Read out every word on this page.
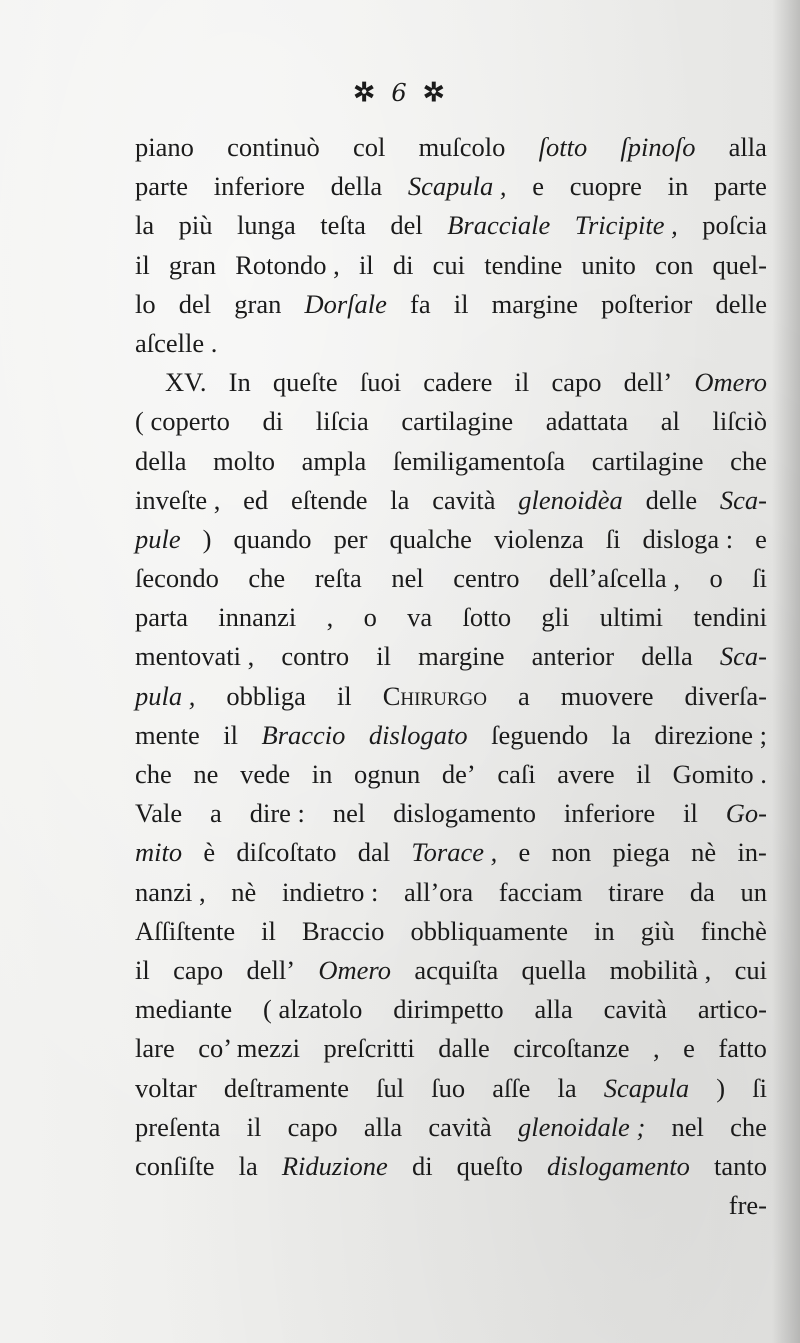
✲ 6 ✲
piano continuò col muſcolo ſotto ſpinoſo alla
parte inferiore della Scapula , e cuopre in parte
la più lunga teſta del Bracciale Tricipite , poſcia
il gran Rotondo , il di cui tendine unito con quel-
lo del gran Dorſale fa il margine poſterior delle
aſcelle .
XV. In queſte ſuoi cadere il capo dell’ Omero
( coperto di liſcia cartilagine adattata al liſciò
della molto ampla ſemiligamentoſa cartilagine che
inveſte , ed eſtende la cavità glenoidèa delle Sca-
pule ) quando per qualche violenza ſi disloga : e
ſecondo che reſta nel centro dell’aſcella , o ſi
parta innanzi , o va ſotto gli ultimi tendini
mentovati , contro il margine anterior della Sca-
pula , obbliga il Chirurgo a muovere diverſa-
mente il Braccio dislogato ſeguendo la direzione ;
che ne vede in ognun de’ caſi avere il Gomito .
Vale a dire : nel dislogamento inferiore il Go-
mito è diſcoſtato dal Torace , e non piega nè in-
nanzi , nè indietro : all’ora facciam tirare da un
Aſſiſtente il Braccio obbliquamente in giù finchè
il capo dell’ Omero acquiſta quella mobilità , cui
mediante ( alzatolo dirimpetto alla cavità artico-
lare co’ mezzi preſcritti dalle circoſtanze , e fatto
voltar deſtramente ſul ſuo aſſe la Scapula ) ſi
preſenta il capo alla cavità glenoidale ; nel che
conſiſte la Riduzione di queſto dislogamento tanto
fre-
